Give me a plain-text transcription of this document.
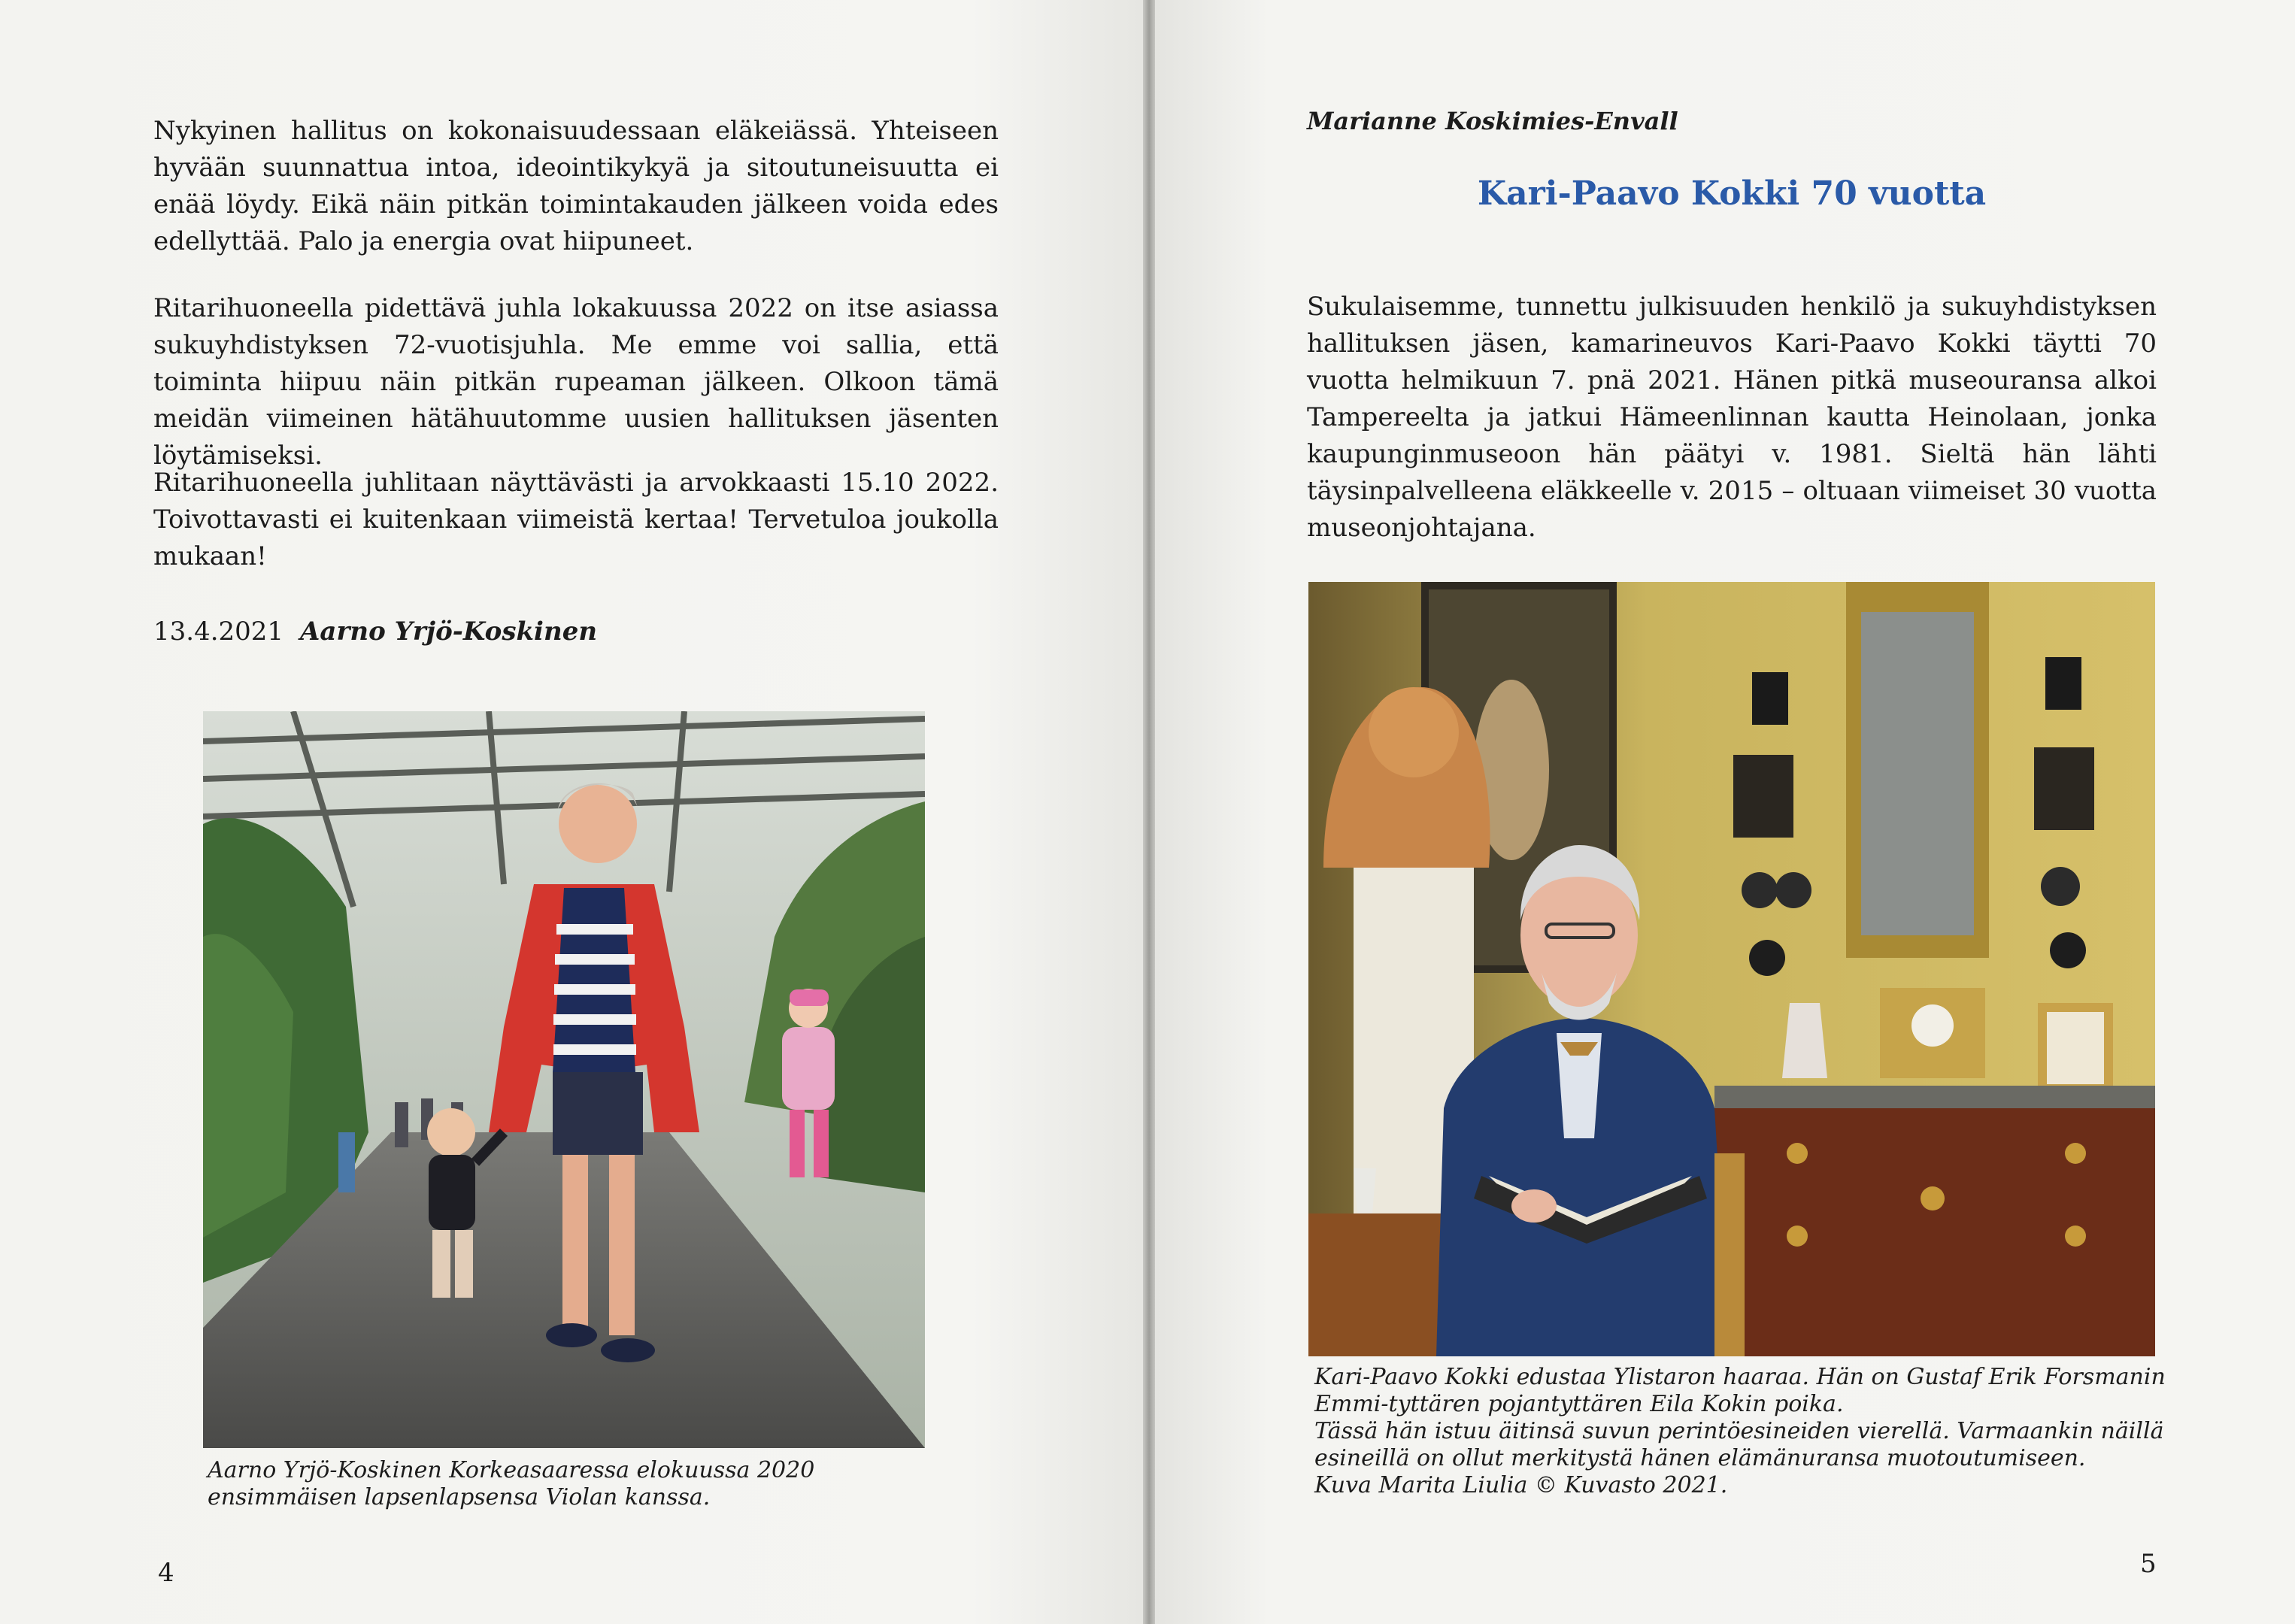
Nykyinen hallitus on kokonaisuudessaan eläkeiässä. Yhteiseen hyvään suunnattua intoa, ideointikykyä ja sitoutuneisuutta ei enää löydy. Eikä näin pitkän toimintakauden jälkeen voida edes edellyttää. Palo ja energia ovat hiipuneet.

Ritarihuoneella pidettävä juhla lokakuussa 2022 on itse asiassa sukuyhdistyksen 72-vuotisjuhla. Me emme voi sallia, että toiminta hiipuu näin pitkän rupeaman jälkeen. Olkoon tämä meidän viimeinen hätähuutomme uusien hallituksen jäsenten löytämiseksi.

Ritarihuoneella juhlitaan näyttävästi ja arvokkaasti 15.10 2022. Toivottavasti ei kuitenkaan viimeistä kertaa! Tervetuloa joukolla mukaan!

13.4.2021 Aarno Yrjö-Koskinen

Aarno Yrjö-Koskinen Korkeasaaressa elokuussa 2020
ensimmäisen lapsenlapsensa Violan kanssa.

4
Marianne Koskimies-Envall
Kari-Paavo Kokki 70 vuotta

Sukulaisemme, tunnettu julkisuuden henkilö ja sukuyhdistyksen hallituksen jäsen, kamarineuvos Kari-Paavo Kokki täytti 70 vuotta helmikuun 7. pnä 2021. Hänen pitkä museouransa alkoi Tampereelta ja jatkui Hämeenlinnan kautta Heinolaan, jonka kaupunginmuseoon hän päätyi v. 1981. Sieltä hän lähti täysinpalvelleena eläkkeelle v. 2015 – oltuaan viimeiset 30 vuotta museonjohtajana.

Kari-Paavo Kokki edustaa Ylistaron haaraa. Hän on Gustaf Erik Forsmanin
Emmi-tyttären pojantyttären Eila Kokin poika.
Tässä hän istuu äitinsä suvun perintöesineiden vierellä. Varmaankin näillä
esineillä on ollut merkitystä hänen elämänuransa muotoutumiseen.
Kuva Marita Liulia © Kuvasto 2021.

5
